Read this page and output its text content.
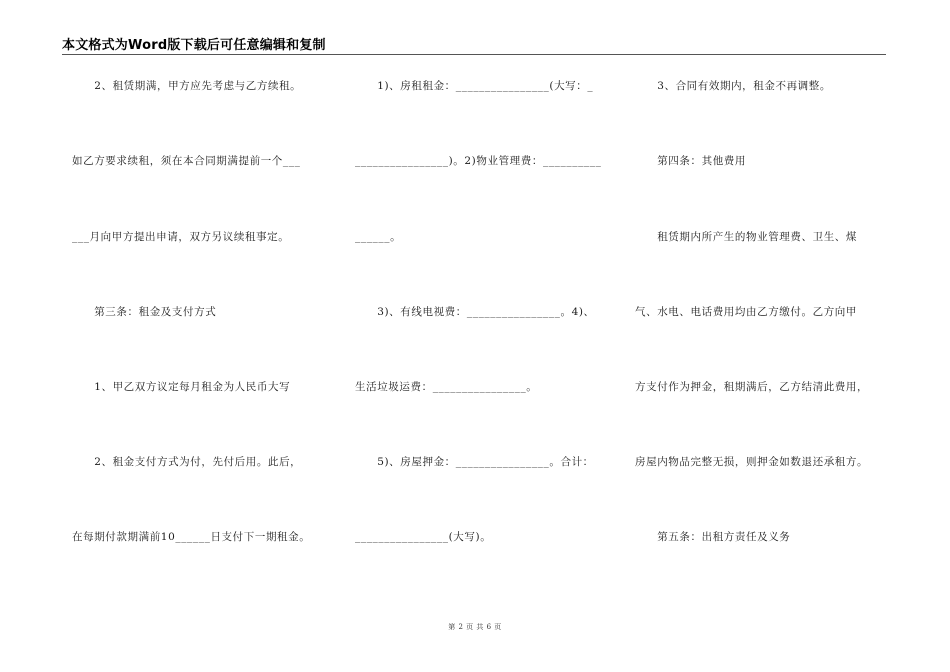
本文格式为Word版下载后可任意编辑和复制
　　2、租赁期满，甲方应先考虑与乙方续租。
如乙方要求续租，须在本合同期满提前一个___
___月向甲方提出申请，双方另议续租事定。
　　第三条：租金及支付方式
　　1、甲乙双方议定每月租金为人民币大写
　　2、租金支付方式为付，先付后用。此后，
在每期付款期满前10______日支付下一期租金。
　　1)、房租租金：________________(大写：_
________________)。2)物业管理费：__________
______。
　　3)、有线电视费：________________。4)、
生活垃圾运费：________________。
　　5)、房屋押金：________________。合计：
________________(大写)。
　　3、合同有效期内，租金不再调整。
　　第四条：其他费用
　　租赁期内所产生的物业管理费、卫生、煤
气、水电、电话费用均由乙方缴付。乙方向甲
方支付作为押金，租期满后，乙方结清此费用，
房屋内物品完整无损，则押金如数退还承租方。
　　第五条：出租方责任及义务
第 2 页 共 6 页
